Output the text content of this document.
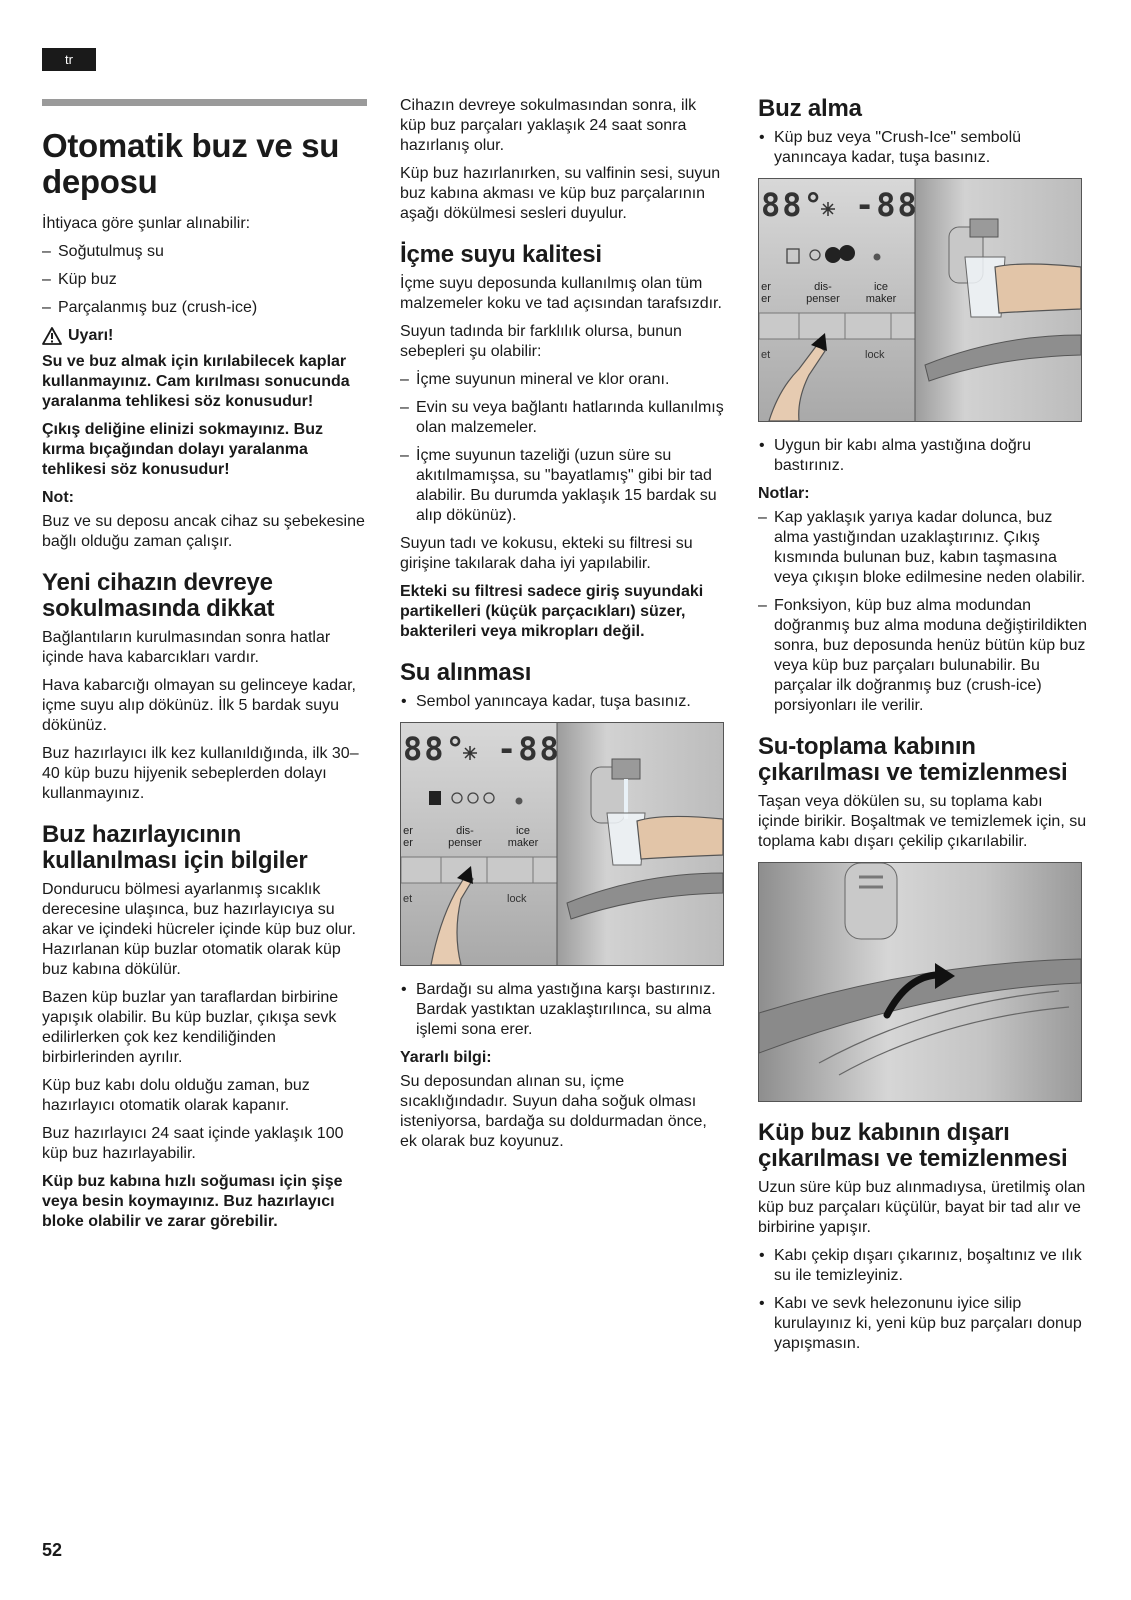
tr
Otomatik buz ve su deposu

İhtiyaca göre şunlar alınabilir:

– Soğutulmuş su
– Küp buz
– Parçalanmış buz (crush-ice)
Uyarı!

Su ve buz almak için kırılabilecek kaplar kullanmayınız. Cam kırılması sonucunda yaralanma tehlikesi söz konusudur!

Çıkış deliğine elinizi sokmayınız. Buz kırma bıçağından dolayı yaralanma tehlikesi söz konusudur!

Not:

Buz ve su deposu ancak cihaz su şebekesine bağlı olduğu zaman çalışır.

Yeni cihazın devreye sokulmasında dikkat

Bağlantıların kurulmasından sonra hatlar içinde hava kabarcıkları vardır.

Hava kabarcığı olmayan su gelinceye kadar, içme suyu alıp dökünüz. İlk 5 bardak suyu dökünüz.

Buz hazırlayıcı ilk kez kullanıldığında, ilk 30‒40 küp buzu hijyenik sebeplerden dolayı kullanmayınız.

Buz hazırlayıcının kullanılması için bilgiler

Dondurucu bölmesi ayarlanmış sıcaklık derecesine ulaşınca, buz hazırlayıcıya su akar ve içindeki hücreler içinde küp buz olur. Hazırlanan küp buzlar otomatik olarak küp buz kabına dökülür.

Bazen küp buzlar yan taraflardan birbirine yapışık olabilir. Bu küp buzlar, çıkışa sevk edilirlerken çok kez kendiliğinden birbirlerinden ayrılır.

Küp buz kabı dolu olduğu zaman, buz hazırlayıcı otomatik olarak kapanır.

Buz hazırlayıcı 24 saat içinde yaklaşık 100 küp buz hazırlayabilir.

Küp buz kabına hızlı soğuması için şişe veya besin koymayınız. Buz hazırlayıcı bloke olabilir ve zarar görebilir.

Cihazın devreye sokulmasından sonra, ilk küp buz parçaları yaklaşık 24 saat sonra hazırlanış olur.

Küp buz hazırlanırken, su valfinin sesi, suyun buz kabına akması ve küp buz parçalarının aşağı dökülmesi sesleri duyulur.

İçme suyu kalitesi

İçme suyu deposunda kullanılmış olan tüm malzemeler koku ve tad açısından tarafsızdır.

Suyun tadında bir farklılık olursa, bunun sebepleri şu olabilir:

– İçme suyunun mineral ve klor oranı.
– Evin su veya bağlantı hatlarında kullanılmış olan malzemeler.
– İçme suyunun tazeliği (uzun süre su akıtılmamışsa, su "bayatlamış" gibi bir tad alabilir. Bu durumda yaklaşık 15 bardak su alıp dökünüz).

Suyun tadı ve kokusu, ekteki su filtresi su girişine takılarak daha iyi yapılabilir.

Ekteki su filtresi sadece giriş suyundaki partikelleri (küçük parçacıkları) süzer, bakterileri veya mikropları değil.

Su alınması
• Sembol yanıncaya kadar, tuşa basınız.
88° -88
er
er
dis-
penser
ice
maker
et	lock
• Bardağı su alma yastığına karşı bastırınız. Bardak yastıktan uzaklaştırılınca, su alma işlemi sona erer.

Yararlı bilgi:

Su deposundan alınan su, içme sıcaklığındadır. Suyun daha soğuk olması isteniyorsa, bardağa su doldurmadan önce, ek olarak buz koyunuz.

Buz alma
• Küp buz veya "Crush-Ice" sembolü yanıncaya kadar, tuşa basınız.
88° -88
er
er
dis-
penser
ice
maker
et	lock
• Uygun bir kabı alma yastığına doğru bastırınız.

Notlar:

– Kap yaklaşık yarıya kadar dolunca, buz alma yastığından uzaklaştırınız. Çıkış kısmında bulunan buz, kabın taşmasına veya çıkışın bloke edilmesine neden olabilir.
– Fonksiyon, küp buz alma modundan doğranmış buz alma moduna değiştirildikten sonra, buz deposunda henüz bütün küp buz veya küp buz parçaları bulunabilir. Bu parçalar ilk doğranmış buz (crush-ice) porsiyonları ile verilir.
Su-toplama kabının çıkarılması ve temizlenmesi

Taşan veya dökülen su, su toplama kabı içinde birikir. Boşaltmak ve temizlemek için, su toplama kabı dışarı çekilip çıkarılabilir.

Küp buz kabının dışarı çıkarılması ve temizlenmesi

Uzun süre küp buz alınmadıysa, üretilmiş olan küp buz parçaları küçülür, bayat bir tad alır ve birbirine yapışır.

• Kabı çekip dışarı çıkarınız, boşaltınız ve ılık su ile temizleyiniz.
• Kabı ve sevk helezonunu iyice silip kurulayınız ki, yeni küp buz parçaları donup yapışmasın.
52
